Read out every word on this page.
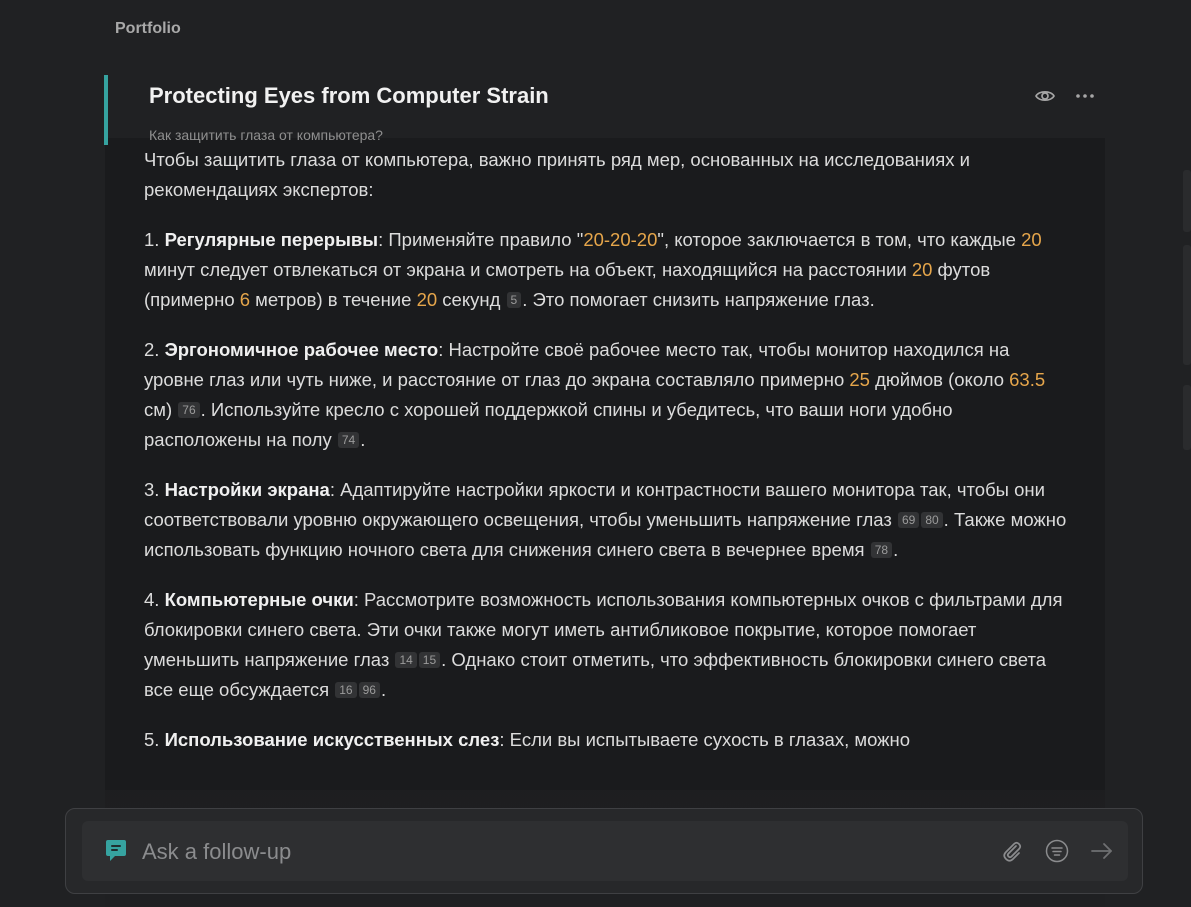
Portfolio

Чтобы защитить глаза от компьютера, важно принять ряд мер, основанных на исследованиях и рекомендациях экспертов:

1. Регулярные перерывы: Применяйте правило "20-20-20", которое заключается в том, что каждые 20 минут следует отвлекаться от экрана и смотреть на объект, находящийся на расстоянии 20 футов (примерно 6 метров) в течение 20 секунд 5 . Это помогает снизить напряжение глаз.

2. Эргономичное рабочее место: Настройте своё рабочее место так, чтобы монитор находился на уровне глаз или чуть ниже, и расстояние от глаз до экрана составляло примерно 25 дюймов (около 63.5 см) 76 . Используйте кресло с хорошей поддержкой спины и убедитесь, что ваши ноги удобно расположены на полу 74 .

3. Настройки экрана: Адаптируйте настройки яркости и контрастности вашего монитора так, чтобы они соответствовали уровню окружающего освещения, чтобы уменьшить напряжение глаз 69 80 . Также можно использовать функцию ночного света для снижения синего света в вечернее время 78 .

4. Компьютерные очки: Рассмотрите возможность использования компьютерных очков с фильтрами для блокировки синего света. Эти очки также могут иметь антибликовое покрытие, которое помогает уменьшить напряжение глаз 14 15 . Однако стоит отметить, что эффективность блокировки синего света все еще обсуждается 16 96 .

5. Использование искусственных слез: Если вы испытываете сухость в глазах, можно

Protecting Eyes from Computer Strain
Как защитить глаза от компьютера?
Ask a follow-up
